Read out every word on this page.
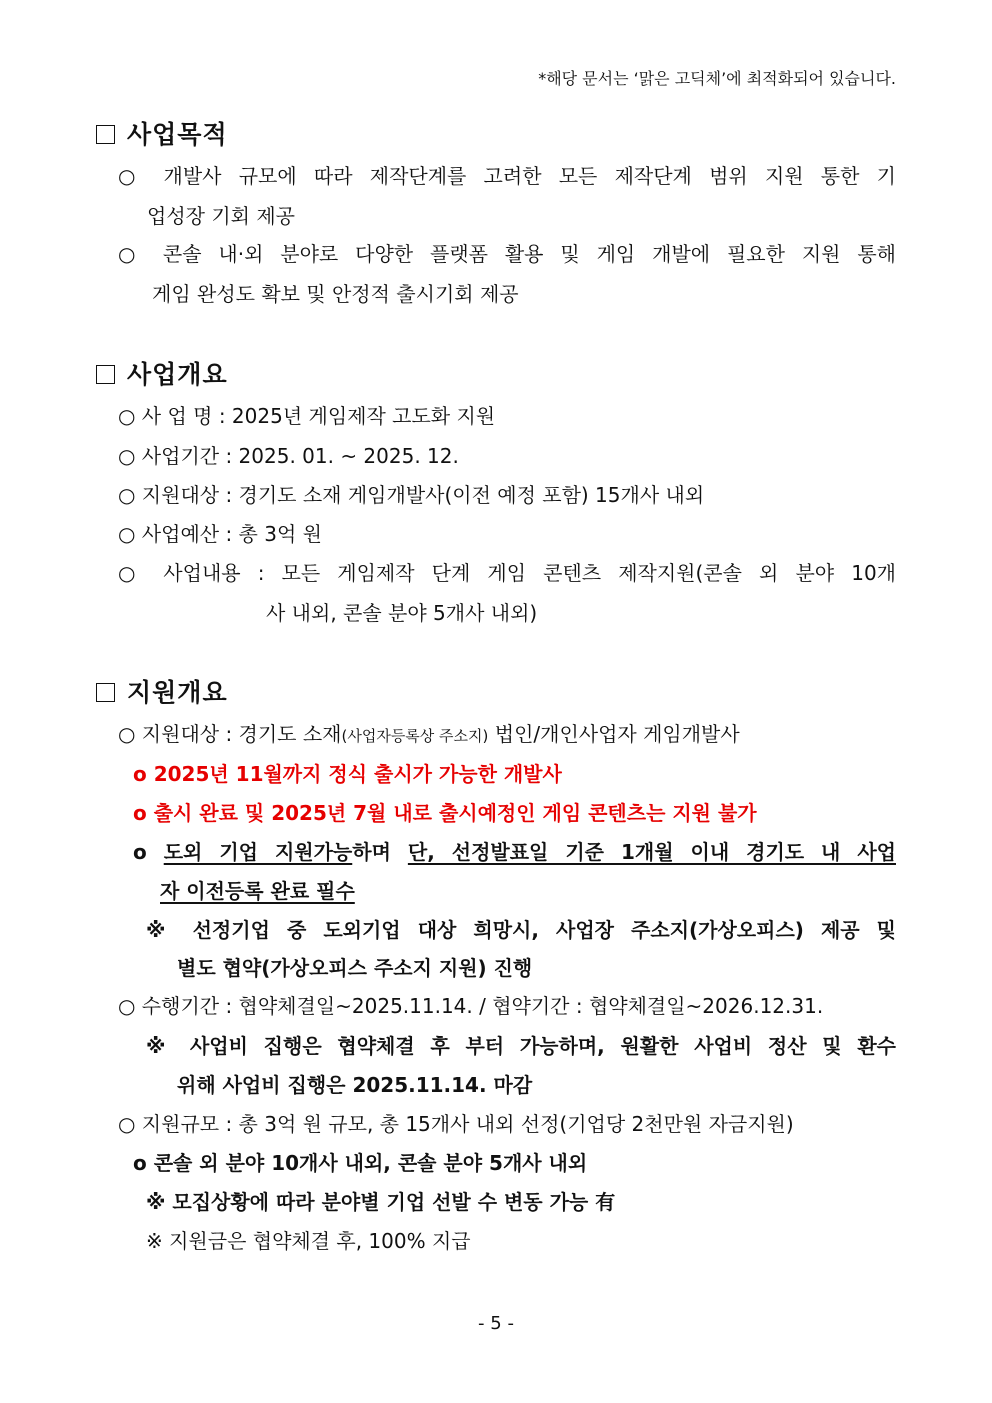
*해당 문서는 ‘맑은 고딕체’에 최적화되어 있습니다.
사업목적
○ 개발사 규모에 따라 제작단계를 고려한 모든 제작단계 범위 지원 통한 기
업성장 기회 제공
○ 콘솔 내·외 분야로 다양한 플랫폼 활용 및 게임 개발에 필요한 지원 통해
게임 완성도 확보 및 안정적 출시기회 제공
사업개요
○ 사 업 명 : 2025년 게임제작 고도화 지원
○ 사업기간 : 2025. 01. ~ 2025. 12.
○ 지원대상 : 경기도 소재 게임개발사(이전 예정 포함) 15개사 내외
○ 사업예산 : 총 3억 원
○ 사업내용 : 모든 게임제작 단계 게임 콘텐츠 제작지원(콘솔 외 분야 10개
사 내외, 콘솔 분야 5개사 내외)
지원개요
○ 지원대상 : 경기도 소재(사업자등록상 주소지) 법인/개인사업자 게임개발사
o 2025년 11월까지 정식 출시가 가능한 개발사
o 출시 완료 및 2025년 7월 내로 출시예정인 게임 콘텐츠는 지원 불가
o 도외 기업 지원가능하며 단, 선정발표일 기준 1개월 이내 경기도 내 사업
자 이전등록 완료 필수
※ 선정기업 중 도외기업 대상 희망시, 사업장 주소지(가상오피스) 제공 및
별도 협약(가상오피스 주소지 지원) 진행
○ 수행기간 : 협약체결일~2025.11.14. / 협약기간 : 협약체결일~2026.12.31.
※ 사업비 집행은 협약체결 후 부터 가능하며, 원활한 사업비 정산 및 환수
위해 사업비 집행은 2025.11.14. 마감
○ 지원규모 : 총 3억 원 규모, 총 15개사 내외 선정(기업당 2천만원 자금지원)
o 콘솔 외 분야 10개사 내외, 콘솔 분야 5개사 내외
※ 모집상황에 따라 분야별 기업 선발 수 변동 가능 有
※ 지원금은 협약체결 후, 100% 지급
- 5 -
